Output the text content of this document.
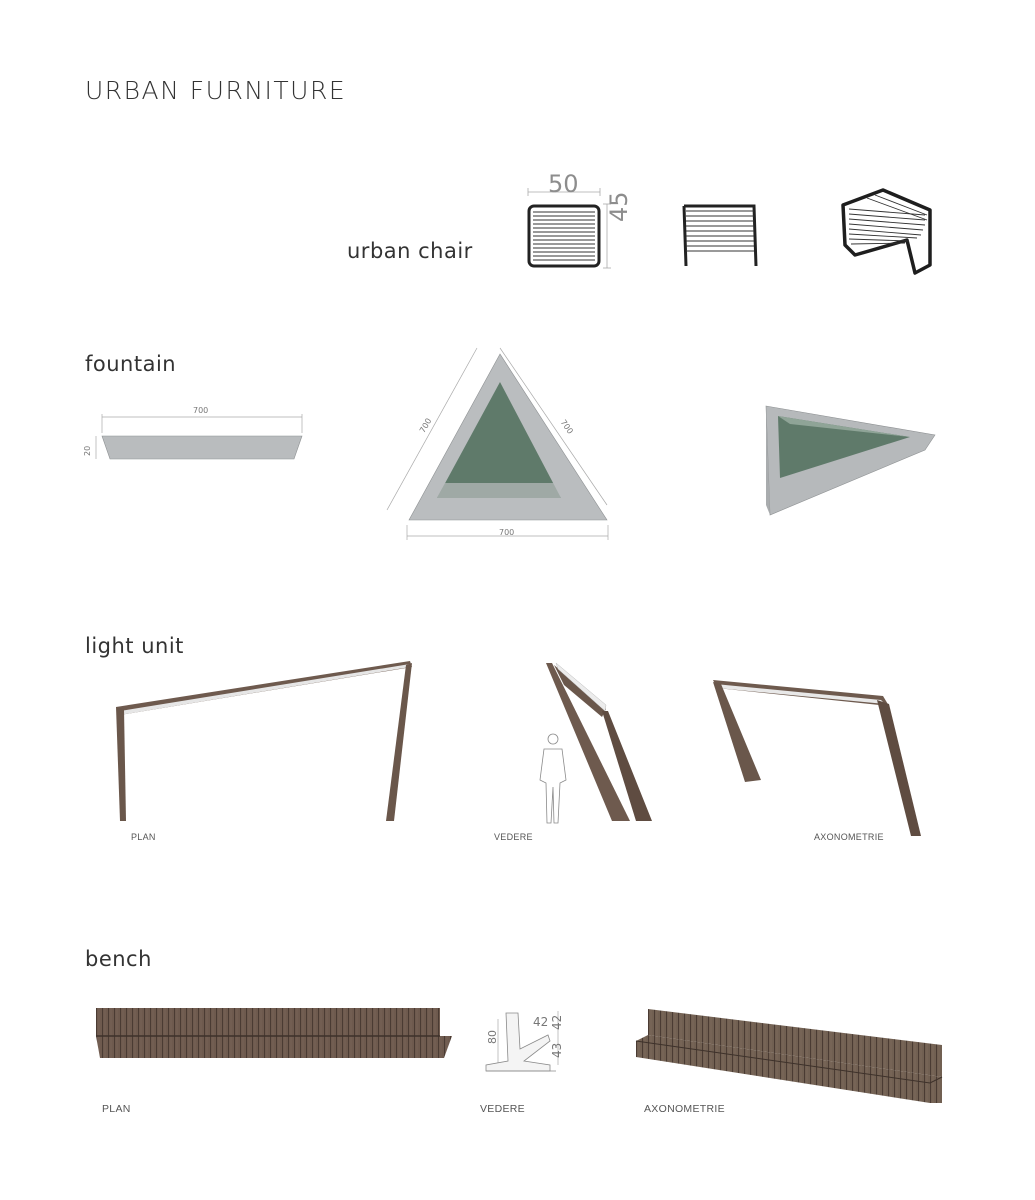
URBAN FURNITURE
urban chair
50
45
fountain
700
20
700	700
700
light unit
PLAN	VEDERE	AXONOMETRIE
bench
PLAN
80
42 42
43
VEDERE	AXONOMETRIE
